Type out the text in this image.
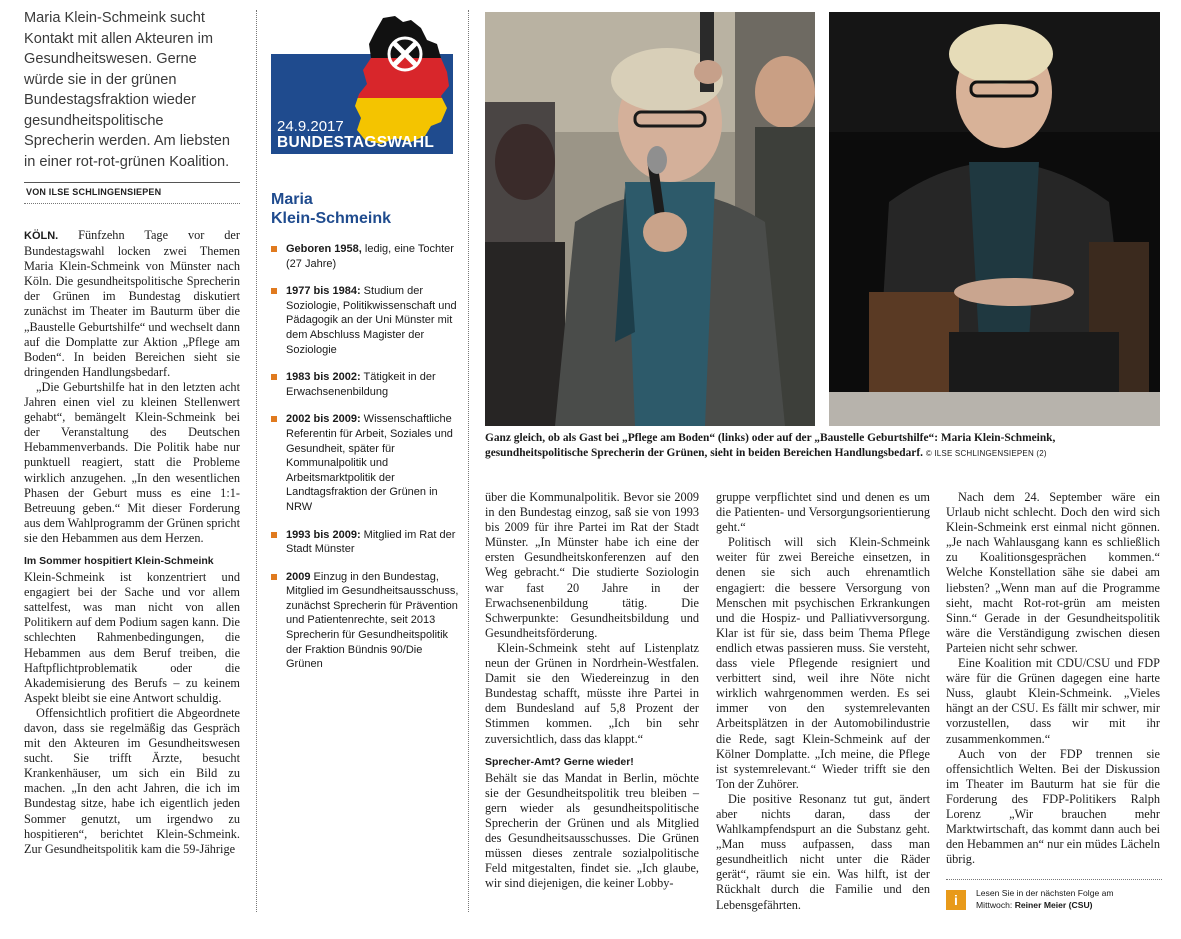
Maria Klein-Schmeink sucht Kontakt mit allen Akteuren im Gesundheitswesen. Gerne würde sie in der grünen Bundestagsfraktion wieder gesundheitspolitische Sprecherin werden. Am liebsten in einer rot-rot-grünen Koalition.
VON ILSE SCHLINGENSIEPEN

KÖLN. Fünfzehn Tage vor der Bundestagswahl locken zwei Themen Maria Klein-Schmeink von Münster nach Köln. Die gesundheitspolitische Sprecherin der Grünen im Bundestag diskutiert zunächst im Theater im Bauturm über die „Baustelle Geburtshilfe“ und wechselt dann auf die Domplatte zur Aktion „Pflege am Boden“. In beiden Bereichen sieht sie dringenden Handlungsbedarf.

„Die Geburtshilfe hat in den letzten acht Jahren einen viel zu kleinen Stellenwert gehabt“, bemängelt Klein-Schmeink bei der Veranstaltung des Deutschen Hebammenverbands. Die Politik habe nur punktuell reagiert, statt die Probleme wirklich anzugehen. „In den wesentlichen Phasen der Geburt muss es eine 1:1-Betreuung geben.“ Mit dieser Forderung aus dem Wahlprogramm der Grünen spricht sie den Hebammen aus dem Herzen.

Im Sommer hospitiert Klein-Schmeink

Klein-Schmeink ist konzentriert und engagiert bei der Sache und vor allem sattelfest, was man nicht von allen Politikern auf dem Podium sagen kann. Die schlechten Rahmenbedingungen, die Hebammen aus dem Beruf treiben, die Haftpflichtproblematik oder die Akademisierung des Berufs – zu keinem Aspekt bleibt sie eine Antwort schuldig.

Offensichtlich profitiert die Abgeordnete davon, dass sie regelmäßig das Gespräch mit den Akteuren im Gesundheitswesen sucht. Sie trifft Ärzte, besucht Krankenhäuser, um sich ein Bild zu machen. „In den acht Jahren, die ich im Bundestag sitze, habe ich eigentlich jeden Sommer genutzt, um irgendwo zu hospitieren“, berichtet Klein-Schmeink. Zur Gesundheitspolitik kam die 59-Jährige

24.9.2017
BUNDESTAGSWAHL
Maria
Klein-Schmeink
Geboren 1958, ledig, eine Tochter (27 Jahre)
1977 bis 1984: Studium der Soziologie, Politikwissenschaft und Pädagogik an der Uni Münster mit dem Abschluss Magister der Soziologie
1983 bis 2002: Tätigkeit in der Erwachsenenbildung
2002 bis 2009: Wissenschaftliche Referentin für Arbeit, Soziales und Gesundheit, später für Kommunalpolitik und Arbeitsmarktpolitik der Landtagsfraktion der Grünen in NRW
1993 bis 2009: Mitglied im Rat der Stadt Münster
2009 Einzug in den Bundestag, Mitglied im Gesundheitsausschuss, zunächst Sprecherin für Prävention und Patientenrechte, seit 2013 Sprecherin für Gesundheitspolitik der Fraktion Bündnis 90/Die Grünen
Ganz gleich, ob als Gast bei „Pflege am Boden“ (links) oder auf der „Baustelle Geburtshilfe“: Maria Klein-Schmeink, gesundheitspolitische Sprecherin der Grünen, sieht in beiden Bereichen Handlungsbedarf. © ILSE SCHLINGENSIEPEN (2)

über die Kommunalpolitik. Bevor sie 2009 in den Bundestag einzog, saß sie von 1993 bis 2009 für ihre Partei im Rat der Stadt Münster. „In Münster habe ich eine der ersten Gesundheitskonferenzen auf den Weg gebracht.“ Die studierte Soziologin war fast 20 Jahre in der Erwachsenenbildung tätig. Die Schwerpunkte: Gesundheitsbildung und Gesundheitsförderung.

Klein-Schmeink steht auf Listenplatz neun der Grünen in Nordrhein-Westfalen. Damit sie den Wiedereinzug in den Bundestag schafft, müsste ihre Partei in dem Bundesland auf 5,8 Prozent der Stimmen kommen. „Ich bin sehr zuversichtlich, dass das klappt.“

Sprecher-Amt? Gerne wieder!

Behält sie das Mandat in Berlin, möchte sie der Gesundheitspolitik treu bleiben – gern wieder als gesundheitspolitische Sprecherin der Grünen und als Mitglied des Gesundheitsausschusses. Die Grünen müssen dieses zentrale sozialpolitische Feld mitgestalten, findet sie. „Ich glaube, wir sind diejenigen, die keiner Lobby-

gruppe verpflichtet sind und denen es um die Patienten- und Versorgungsorientierung geht.“

Politisch will sich Klein-Schmeink weiter für zwei Bereiche einsetzen, in denen sie sich auch ehrenamtlich engagiert: die bessere Versorgung von Menschen mit psychischen Erkrankungen und die Hospiz- und Palliativversorgung. Klar ist für sie, dass beim Thema Pflege endlich etwas passieren muss. Sie versteht, dass viele Pflegende resigniert und verbittert sind, weil ihre Nöte nicht wirklich wahrgenommen werden. Es sei immer von den systemrelevanten Arbeitsplätzen in der Automobilindustrie die Rede, sagt Klein-Schmeink auf der Kölner Domplatte. „Ich meine, die Pflege ist systemrelevant.“ Wieder trifft sie den Ton der Zuhörer.

Die positive Resonanz tut gut, ändert aber nichts daran, dass der Wahlkampfendspurt an die Substanz geht. „Man muss aufpassen, dass man gesundheitlich nicht unter die Räder gerät“, räumt sie ein. Was hilft, ist der Rückhalt durch die Familie und den Lebensgefährten.

Nach dem 24. September wäre ein Urlaub nicht schlecht. Doch den wird sich Klein-Schmeink erst einmal nicht gönnen. „Je nach Wahlausgang kann es schließlich zu Koalitionsgesprächen kommen.“ Welche Konstellation sähe sie dabei am liebsten? „Wenn man auf die Programme sieht, macht Rot-rot-grün am meisten Sinn.“ Gerade in der Gesundheitspolitik wäre die Verständigung zwischen diesen Parteien nicht sehr schwer.

Eine Koalition mit CDU/CSU und FDP wäre für die Grünen dagegen eine harte Nuss, glaubt Klein-Schmeink. „Vieles hängt an der CSU. Es fällt mir schwer, mir vorzustellen, dass wir mit ihr zusammenkommen.“

Auch von der FDP trennen sie offensichtlich Welten. Bei der Diskussion im Theater im Bauturm hat sie für die Forderung des FDP-Politikers Ralph Lorenz „Wir brauchen mehr Marktwirtschaft, das kommt dann auch bei den Hebammen an“ nur ein müdes Lächeln übrig.

i	Lesen Sie in der nächsten Folge am
Mittwoch: Reiner Meier (CSU)
